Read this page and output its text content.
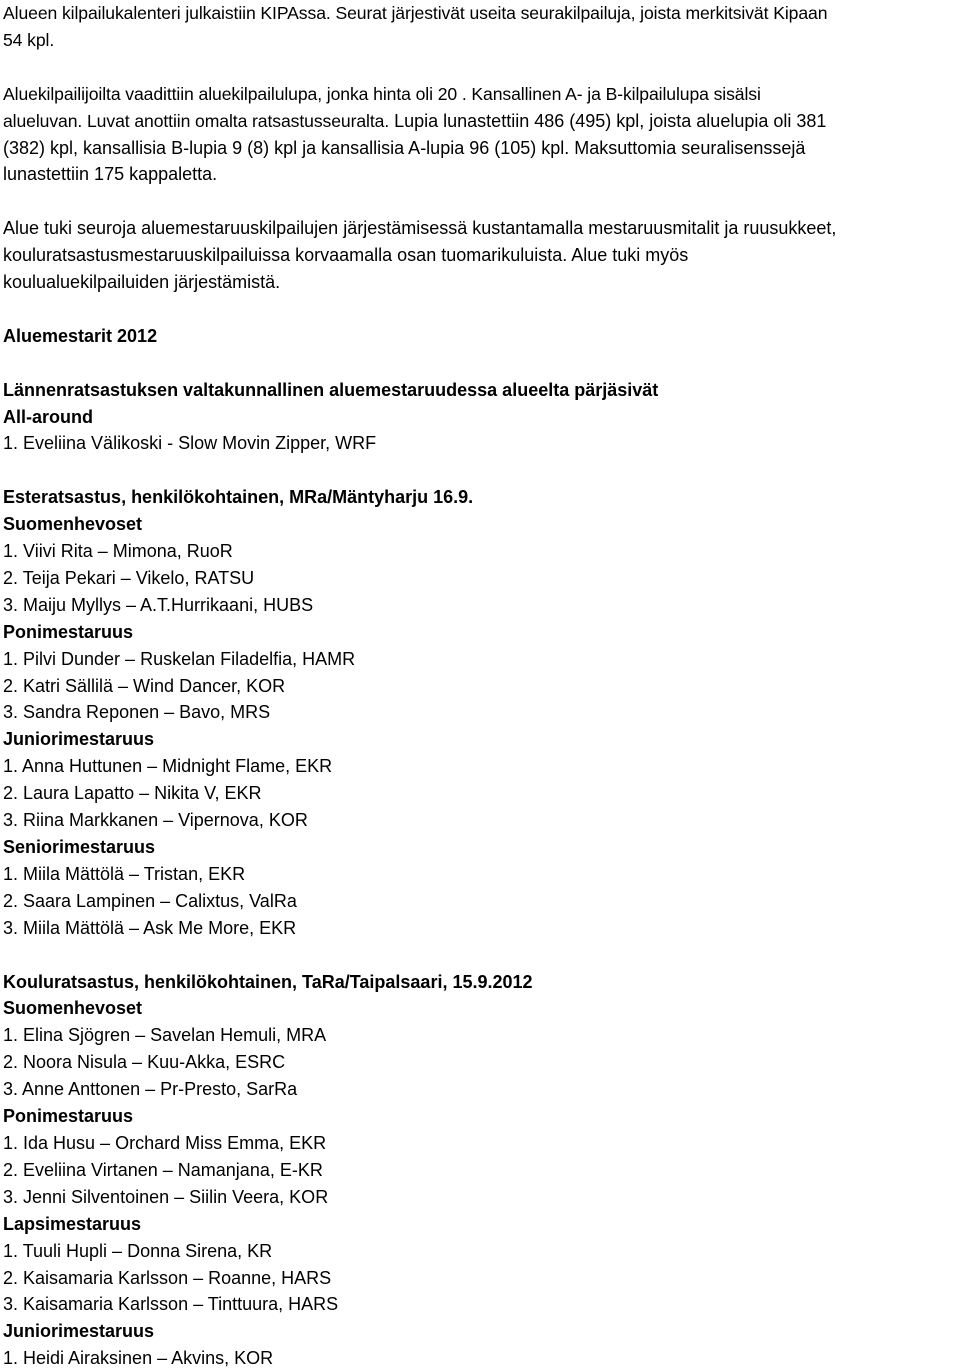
Alueen kilpailukalenteri julkaistiin KIPAssa. Seurat järjestivät useita seurakilpailuja, joista merkitsivät Kipaan
54 kpl.
Aluekilpailijoilta vaadittiin aluekilpailulupa, jonka hinta oli 20 . Kansallinen A- ja B-kilpailulupa sisälsi
alueluvan. Luvat anottiin omalta ratsastusseuralta. Lupia lunastettiin 486 (495) kpl, joista aluelupia oli 381
(382) kpl, kansallisia B-lupia 9 (8) kpl ja kansallisia A-lupia 96 (105) kpl. Maksuttomia seuralisenssejä
lunastettiin 175 kappaletta.
Alue tuki seuroja aluemestaruuskilpailujen järjestämisessä kustantamalla mestaruusmitalit ja ruusukkeet,
kouluratsastusmestaruuskilpailuissa korvaamalla osan tuomarikuluista. Alue tuki myös
koulualuekilpailuiden järjestämistä.
Aluemestarit 2012
Lännenratsastuksen valtakunnallinen aluemestaruudessa alueelta pärjäsivät
All-around
1. Eveliina Välikoski - Slow Movin Zipper, WRF
Esteratsastus, henkilökohtainen, MRa/Mäntyharju 16.9.
Suomenhevoset
1. Viivi Rita – Mimona, RuoR
2. Teija Pekari – Vikelo, RATSU
3. Maiju Myllys – A.T.Hurrikaani, HUBS
Ponimestaruus
1. Pilvi Dunder – Ruskelan Filadelfia, HAMR
2. Katri Sällilä – Wind Dancer, KOR
3. Sandra Reponen – Bavo, MRS
Juniorimestaruus
1. Anna Huttunen – Midnight Flame, EKR
2. Laura Lapatto – Nikita V, EKR
3. Riina Markkanen – Vipernova, KOR
Seniorimestaruus
1. Miila Mättölä – Tristan, EKR
2. Saara Lampinen – Calixtus, ValRa
3. Miila Mättölä – Ask Me More, EKR
Kouluratsastus, henkilökohtainen, TaRa/Taipalsaari, 15.9.2012
Suomenhevoset
1. Elina Sjögren – Savelan Hemuli, MRA
2. Noora Nisula – Kuu-Akka, ESRC
3. Anne Anttonen – Pr-Presto, SarRa
Ponimestaruus
1. Ida Husu – Orchard Miss Emma, EKR
2. Eveliina Virtanen – Namanjana, E-KR
3. Jenni Silventoinen – Siilin Veera, KOR
Lapsimestaruus
1. Tuuli Hupli – Donna Sirena, KR
2. Kaisamaria Karlsson – Roanne, HARS
3. Kaisamaria Karlsson – Tinttuura, HARS
Juniorimestaruus
1. Heidi Airaksinen – Akvins, KOR
